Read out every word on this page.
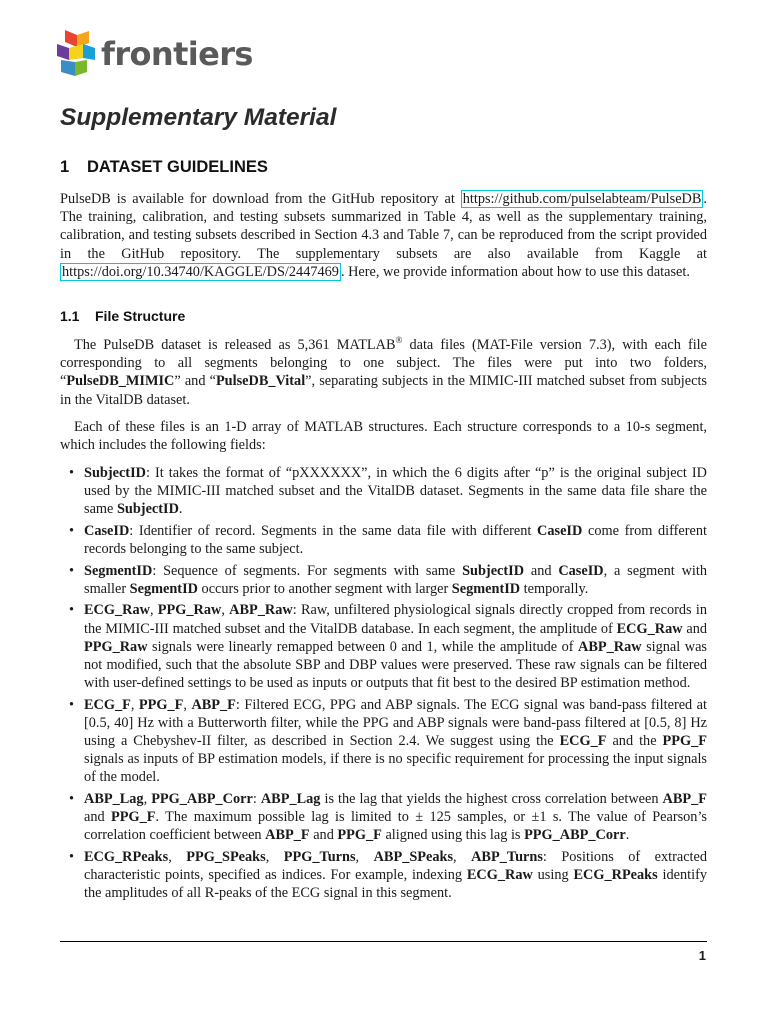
frontiers
Supplementary Material
1 DATASET GUIDELINES

PulseDB is available for download from the GitHub repository at https://github.com/pulselabteam/PulseDB . The training, calibration, and testing subsets summarized in Table 4, as well as the supplementary training, calibration, and testing subsets described in Section 4.3 and Table 7, can be reproduced from the script provided in the GitHub repository. The supplementary subsets are also available from Kaggle at https://doi.org/10.34740/KAGGLE/DS/2447469 . Here, we provide information about how to use this dataset.

1.1 File Structure

The PulseDB dataset is released as 5,361 MATLAB® data files (MAT-File version 7.3), with each file corresponding to all segments belonging to one subject. The files were put into two folders, “PulseDB_MIMIC” and “PulseDB_Vital”, separating subjects in the MIMIC-III matched subset from subjects in the VitalDB dataset.

Each of these files is an 1-D array of MATLAB structures. Each structure corresponds to a 10-s segment, which includes the following fields:

• SubjectID: It takes the format of “pXXXXXX”, in which the 6 digits after “p” is the original subject ID used by the MIMIC-III matched subset and the VitalDB dataset. Segments in the same data file share the same SubjectID.
• CaseID: Identifier of record. Segments in the same data file with different CaseID come from different records belonging to the same subject.
• SegmentID: Sequence of segments. For segments with same SubjectID and CaseID, a segment with smaller SegmentID occurs prior to another segment with larger SegmentID temporally.
• ECG_Raw, PPG_Raw, ABP_Raw: Raw, unfiltered physiological signals directly cropped from records in the MIMIC-III matched subset and the VitalDB database. In each segment, the amplitude of ECG_Raw and PPG_Raw signals were linearly remapped between 0 and 1, while the amplitude of ABP_Raw signal was not modified, such that the absolute SBP and DBP values were preserved. These raw signals can be filtered with user-defined settings to be used as inputs or outputs that fit best to the desired BP estimation method.
• ECG_F, PPG_F, ABP_F: Filtered ECG, PPG and ABP signals. The ECG signal was band-pass filtered at [0.5, 40] Hz with a Butterworth filter, while the PPG and ABP signals were band-pass filtered at [0.5, 8] Hz using a Chebyshev-II filter, as described in Section 2.4. We suggest using the ECG_F and the PPG_F signals as inputs of BP estimation models, if there is no specific requirement for processing the input signals of the model.
• ABP_Lag, PPG_ABP_Corr: ABP_Lag is the lag that yields the highest cross correlation between ABP_F and PPG_F. The maximum possible lag is limited to ± 125 samples, or ±1 s. The value of Pearson’s correlation coefficient between ABP_F and PPG_F aligned using this lag is PPG_ABP_Corr.
• ECG_RPeaks, PPG_SPeaks, PPG_Turns, ABP_SPeaks, ABP_Turns: Positions of extracted characteristic points, specified as indices. For example, indexing ECG_Raw using ECG_RPeaks identify the amplitudes of all R-peaks of the ECG signal in this segment.
1
